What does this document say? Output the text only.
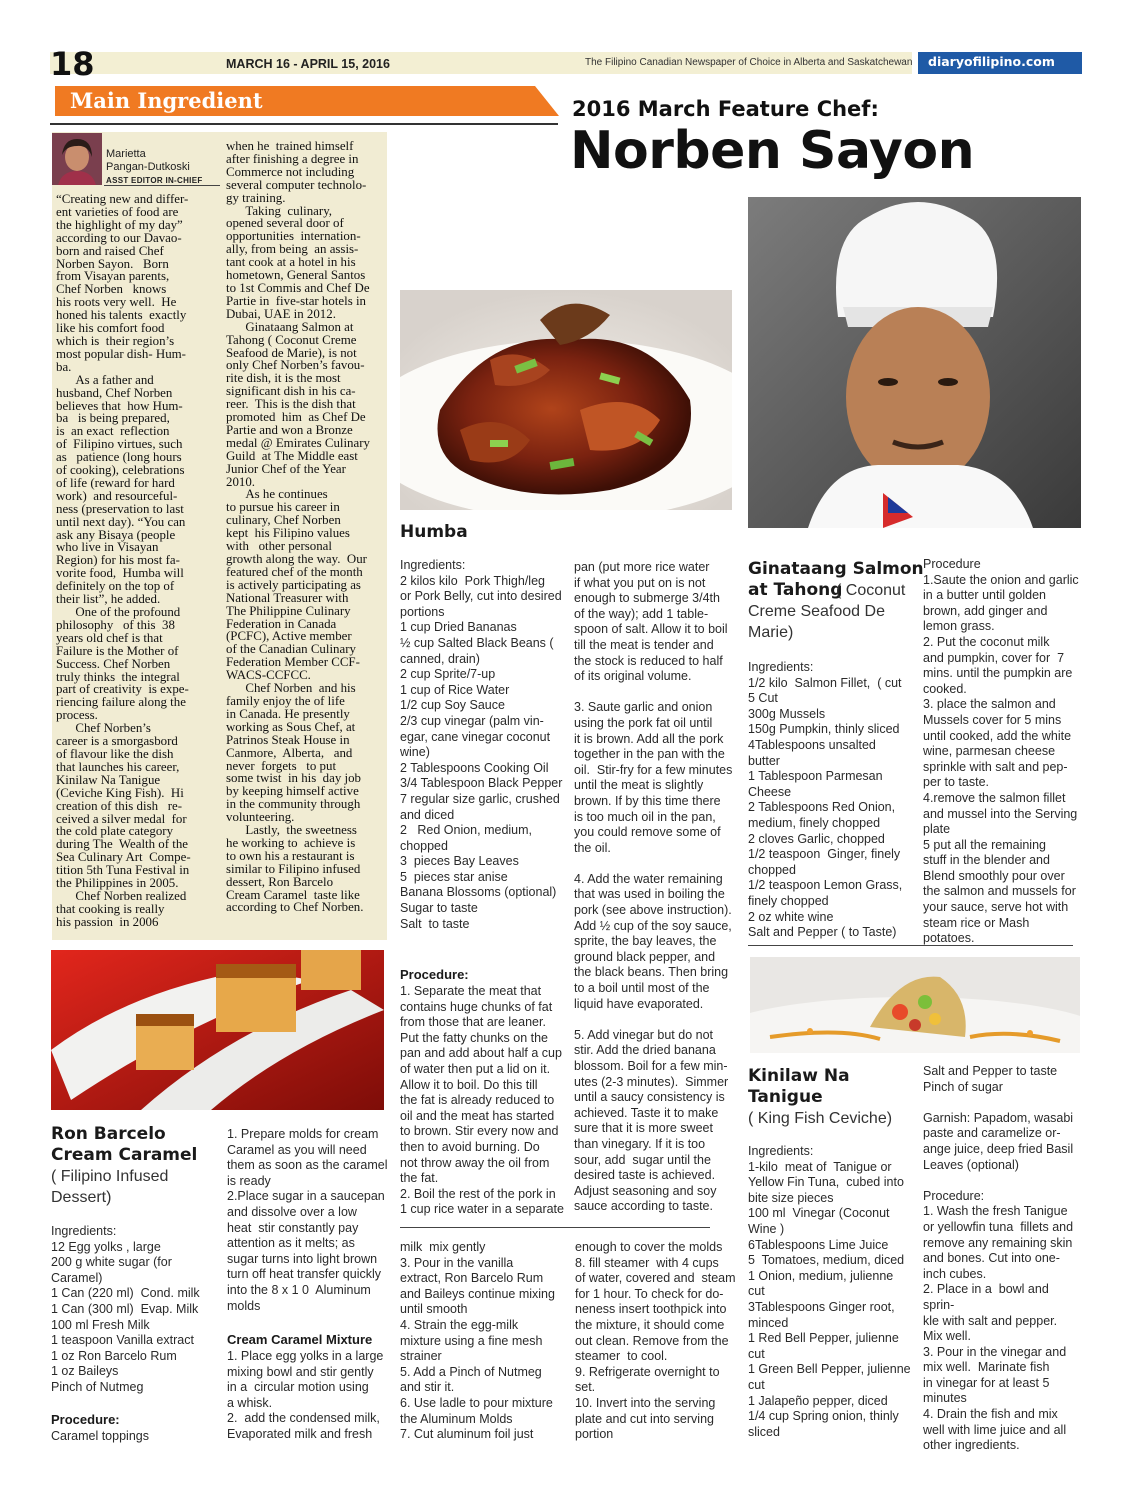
18	MARCH 16 - APRIL 15, 2016	The Filipino Canadian Newspaper of Choice in Alberta and Saskatchewan diaryofilipino.com
Main Ingredient	2016 March Feature Chef:
Norben Sayon
Marietta
Pangan-Dutkoski
ASST EDITOR IN-CHIEF
“Creating new and differ-
ent varieties of food are
the highlight of my day”
according to our Davao-
born and raised Chef
Norben Sayon.   Born
from Visayan parents,
Chef Norben   knows
his roots very well.  He
honed his talents  exactly
like his comfort food
which is  their region’s
most popular dish- Hum-
ba.
As a father and
husband, Chef Norben
believes that  how Hum-
ba   is being prepared,
is  an exact  reflection
of  Filipino virtues, such
as   patience (long hours
of cooking), celebrations
of life (reward for hard
work)  and resourceful-
ness (preservation to last
until next day). “You can
ask any Bisaya (people
who live in Visayan
Region) for his most fa-
vorite food,  Humba will
definitely on the top of
their list”, he added.
One of the profound
philosophy   of this  38
years old chef is that
Failure is the Mother of
Success. Chef Norben
truly thinks  the integral
part of creativity  is expe-
riencing failure along the
process.
Chef Norben’s
career is a smorgasbord
of flavour like the dish
that launches his career,
Kinilaw Na Tanigue
(Ceviche King Fish).  Hi
creation of this dish   re-
ceived a silver medal  for
the cold plate category
during The  Wealth of the
Sea Culinary Art  Compe-
tition 5th Tuna Festival in
the Philippines in 2005.
Chef Norben realized
that cooking is really
his passion  in 2006
when he  trained himself
after finishing a degree in
Commerce not including
several computer technolo-
gy training.
Taking  culinary,
opened several door of
opportunities  internation-
ally, from being  an assis-
tant cook at a hotel in his
hometown, General Santos
to 1st Commis and Chef De
Partie in  five-star hotels in
Dubai, UAE in 2012.
Ginataang Salmon at
Tahong ( Coconut Creme
Seafood de Marie), is not
only Chef Norben’s favou-
rite dish, it is the most
significant dish in his ca-
reer.  This is the dish that
promoted  him  as Chef De
Partie and won a Bronze
medal @ Emirates Culinary
Guild  at The Middle east
Junior Chef of the Year
2010.
As he continues
to pursue his career in
culinary, Chef Norben
kept  his Filipino values
with   other personal
growth along the way.  Our
featured chef of the month
is actively participating as
National Treasurer with
The Philippine Culinary
Federation in Canada
(PCFC), Active member
of the Canadian Culinary
Federation Member CCF-
WACS-CCFCC.
Chef Norben  and his
family enjoy the of life
in Canada. He presently
working as Sous Chef, at
Patrinos Steak House in
Canmore,  Alberta,   and
never  forgets   to put
some twist  in his  day job
by keeping himself active
in the community through
volunteering.
Lastly,  the sweetness
he working to  achieve is
to own his a restaurant is
similar to Filipino infused
dessert, Ron Barcelo
Cream Caramel  taste like
according to Chef Norben.
Humba
Ingredients:
2 kilos kilo  Pork Thigh/leg
or Pork Belly, cut into desired
portions
1 cup Dried Bananas
½ cup Salted Black Beans (
canned, drain)
2 cup Sprite/7-up
1 cup of Rice Water
1/2 cup Soy Sauce
2/3 cup vinegar (palm vin-
egar, cane vinegar coconut
wine)
2 Tablespoons Cooking Oil
3/4 Tablespoon Black Pepper
7 regular size garlic, crushed
and diced
2   Red Onion, medium,
chopped
3  pieces Bay Leaves
5  pieces star anise
Banana Blossoms (optional)
Sugar to taste
Salt  to taste
Procedure:
1. Separate the meat that
contains huge chunks of fat
from those that are leaner.
Put the fatty chunks on the
pan and add about half a cup
of water then put a lid on it.
Allow it to boil. Do this till
the fat is already reduced to
oil and the meat has started
to brown. Stir every now and
then to avoid burning. Do
not throw away the oil from
the fat.
2. Boil the rest of the pork in
1 cup rice water in a separate
pan (put more rice water
if what you put on is not
enough to submerge 3/4th
of the way); add 1 table-
spoon of salt. Allow it to boil
till the meat is tender and
the stock is reduced to half
of its original volume.

3. Saute garlic and onion
using the pork fat oil until
it is brown. Add all the pork
together in the pan with the
oil.  Stir-fry for a few minutes
until the meat is slightly
brown. If by this time there
is too much oil in the pan,
you could remove some of
the oil.

4. Add the water remaining
that was used in boiling the
pork (see above instruction).
Add ½ cup of the soy sauce,
sprite, the bay leaves, the
ground black pepper, and
the black beans. Then bring
to a boil until most of the
liquid have evaporated.

5. Add vinegar but do not
stir. Add the dried banana
blossom. Boil for a few min-
utes (2-3 minutes).  Simmer
until a saucy consistency is
achieved. Taste it to make
sure that it is more sweet
than vinegary. If it is too
sour, add  sugar until the
desired taste is achieved.
Adjust seasoning and soy
sauce according to taste.
Ginataang Salmon
at Tahong
( Coconut
Creme Seafood De
Marie)
Ingredients:
1/2 kilo  Salmon Fillet,  ( cut
5 Cut
300g Mussels
150g Pumpkin, thinly sliced
4Tablespoons unsalted
butter
1 Tablespoon Parmesan
Cheese
2 Tablespoons Red Onion,
medium, finely chopped
2 cloves Garlic, chopped
1/2 teaspoon  Ginger, finely
chopped
1/2 teaspoon Lemon Grass,
finely chopped
2 oz white wine
Salt and Pepper ( to Taste)
Procedure
1.Saute the onion and garlic
in a butter until golden
brown, add ginger and
lemon grass.
2. Put the coconut milk
and pumpkin, cover for  7
mins. until the pumpkin are
cooked.
3. place the salmon and
Mussels cover for 5 mins
until cooked, add the white
wine, parmesan cheese
sprinkle with salt and pep-
per to taste.
4.remove the salmon fillet
and mussel into the Serving
plate
5 put all the remaining
stuff in the blender and
Blend smoothly pour over
the salmon and mussels for
your sauce, serve hot with
steam rice or Mash potatoes.
Ron Barcelo
Cream Caramel
( Filipino Infused
Dessert)
Ingredients:
12 Egg yolks , large
200 g white sugar (for
Caramel)
1 Can (220 ml)  Cond. milk
1 Can (300 ml)  Evap. Milk
100 ml Fresh Milk
1 teaspoon Vanilla extract
1 oz Ron Barcelo Rum
1 oz Baileys
Pinch of Nutmeg
Procedure:
Caramel toppings
1. Prepare molds for cream
Caramel as you will need
them as soon as the caramel
is ready
2.Place sugar in a saucepan
and dissolve over a low
heat  stir constantly pay
attention as it melts; as
sugar turns into light brown
turn off heat transfer quickly
into the 8 x 1 0  Aluminum
molds
Cream Caramel Mixture
1. Place egg yolks in a large
mixing bowl and stir gently
in a  circular motion using
a whisk.
2.  add the condensed milk,
Evaporated milk and fresh
milk  mix gently
3. Pour in the vanilla
extract, Ron Barcelo Rum
and Baileys continue mixing
until smooth
4. Strain the egg-milk
mixture using a fine mesh
strainer
5. Add a Pinch of Nutmeg
and stir it.
6. Use ladle to pour mixture
the Aluminum Molds
7. Cut aluminum foil just
enough to cover the molds
8. fill steamer  with 4 cups
of water, covered and  steam
for 1 hour. To check for do-
neness insert toothpick into
the mixture, it should come
out clean. Remove from the
steamer  to cool.
9. Refrigerate overnight to
set.
10. Invert into the serving
plate and cut into serving
portion
Kinilaw Na
Tanigue
( King Fish Ceviche)
Ingredients:
1-kilo  meat of  Tanigue or
Yellow Fin Tuna,  cubed into
bite size pieces
100 ml  Vinegar (Coconut
Wine )
6Tablespoons Lime Juice
5  Tomatoes, medium, diced
1 Onion, medium, julienne
cut
3Tablespoons Ginger root,
minced
1 Red Bell Pepper, julienne
cut
1 Green Bell Pepper, julienne
cut
1 Jalapeño pepper, diced
1/4 cup Spring onion, thinly
sliced
Salt and Pepper to taste
Pinch of sugar

Garnish: Papadom, wasabi
paste and caramelize or-
ange juice, deep fried Basil
Leaves (optional)

Procedure:
1. Wash the fresh Tanigue
or yellowfin tuna  fillets and
remove any remaining skin
and bones. Cut into one-
inch cubes.
2. Place in a  bowl and sprin-
kle with salt and pepper.
Mix well.
3. Pour in the vinegar and
mix well.  Marinate fish
in vinegar for at least 5
minutes
4. Drain the fish and mix
well with lime juice and all
other ingredients.
